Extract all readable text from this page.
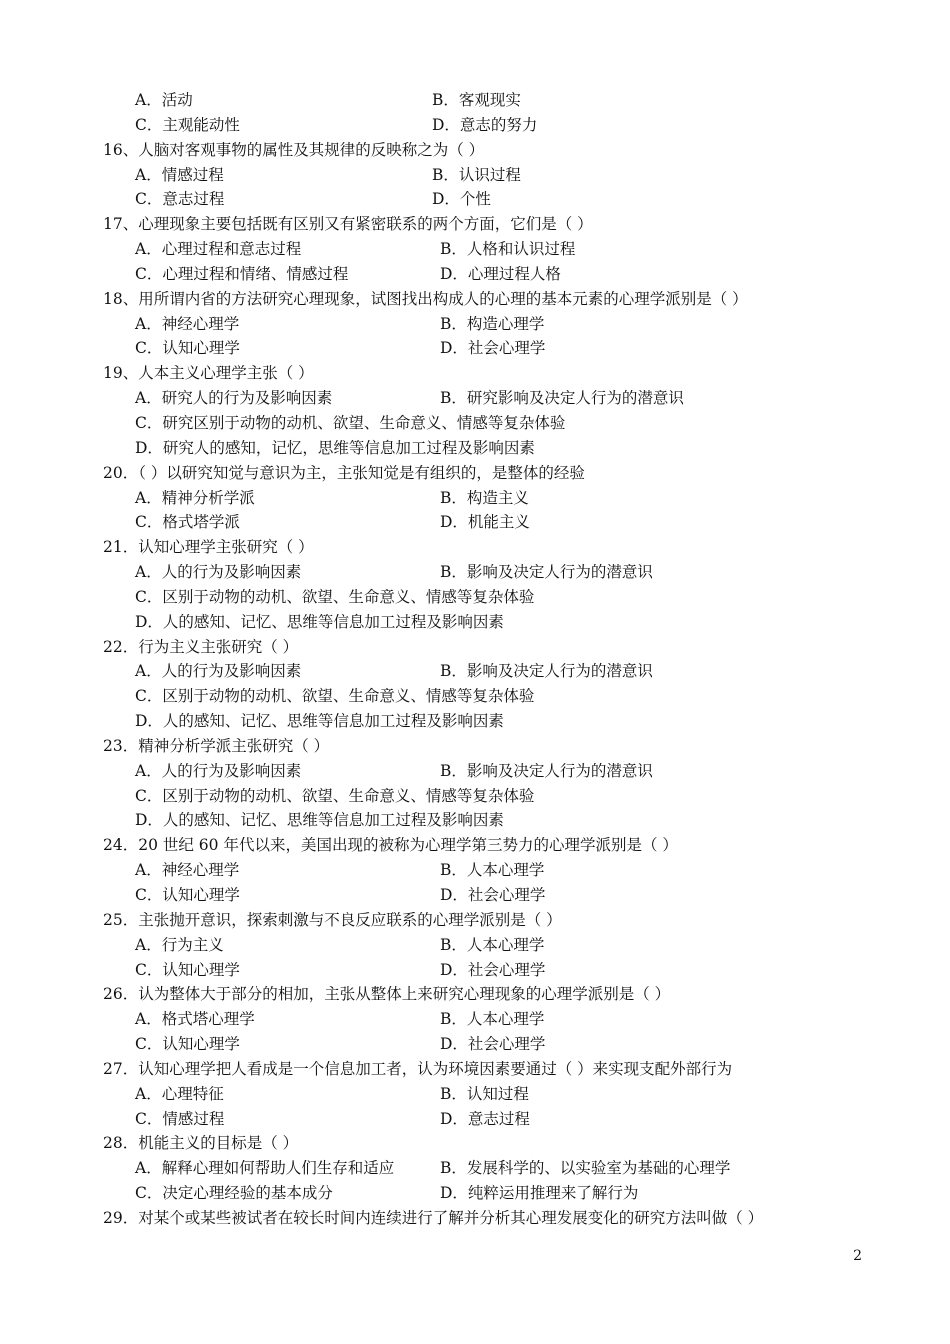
A．活动	B．客观现实
C．主观能动性	D．意志的努力
16、人脑对客观事物的属性及其规律的反映称之为（ ）
A．情感过程	B．认识过程
C．意志过程	D．个性
17、心理现象主要包括既有区别又有紧密联系的两个方面，它们是（ ）
A．心理过程和意志过程	B．人格和认识过程
C．心理过程和情绪、情感过程	D．心理过程人格
18、用所谓内省的方法研究心理现象，试图找出构成人的心理的基本元素的心理学派别是（ ）
A．神经心理学	B．构造心理学
C．认知心理学	D．社会心理学
19、人本主义心理学主张（ ）
A．研究人的行为及影响因素	B．研究影响及决定人行为的潜意识
C．研究区别于动物的动机、欲望、生命意义、情感等复杂体验
D．研究人的感知，记忆，思维等信息加工过程及影响因素
20．（ ）以研究知觉与意识为主，主张知觉是有组织的，是整体的经验
A．精神分析学派	B．构造主义
C．格式塔学派	D．机能主义
21．认知心理学主张研究（ ）
A．人的行为及影响因素	B．影响及决定人行为的潜意识
C．区别于动物的动机、欲望、生命意义、情感等复杂体验
D．人的感知、记忆、思维等信息加工过程及影响因素
22．行为主义主张研究（ ）
A．人的行为及影响因素	B．影响及决定人行为的潜意识
C．区别于动物的动机、欲望、生命意义、情感等复杂体验
D．人的感知、记忆、思维等信息加工过程及影响因素
23．精神分析学派主张研究（ ）
A．人的行为及影响因素	B．影响及决定人行为的潜意识
C．区别于动物的动机、欲望、生命意义、情感等复杂体验
D．人的感知、记忆、思维等信息加工过程及影响因素
24．20 世纪 60 年代以来，美国出现的被称为心理学第三势力的心理学派别是（ ）
A．神经心理学	B．人本心理学
C．认知心理学	D．社会心理学
25．主张抛开意识，探索刺激与不良反应联系的心理学派别是（ ）
A．行为主义	B．人本心理学
C．认知心理学	D．社会心理学
26．认为整体大于部分的相加，主张从整体上来研究心理现象的心理学派别是（ ）
A．格式塔心理学	B．人本心理学
C．认知心理学	D．社会心理学
27．认知心理学把人看成是一个信息加工者，认为环境因素要通过（ ）来实现支配外部行为
A．心理特征	B．认知过程
C．情感过程	D．意志过程
28．机能主义的目标是（ ）
A．解释心理如何帮助人们生存和适应	B．发展科学的、以实验室为基础的心理学
C．决定心理经验的基本成分	D．纯粹运用推理来了解行为
29．对某个或某些被试者在较长时间内连续进行了解并分析其心理发展变化的研究方法叫做（ ）
2
